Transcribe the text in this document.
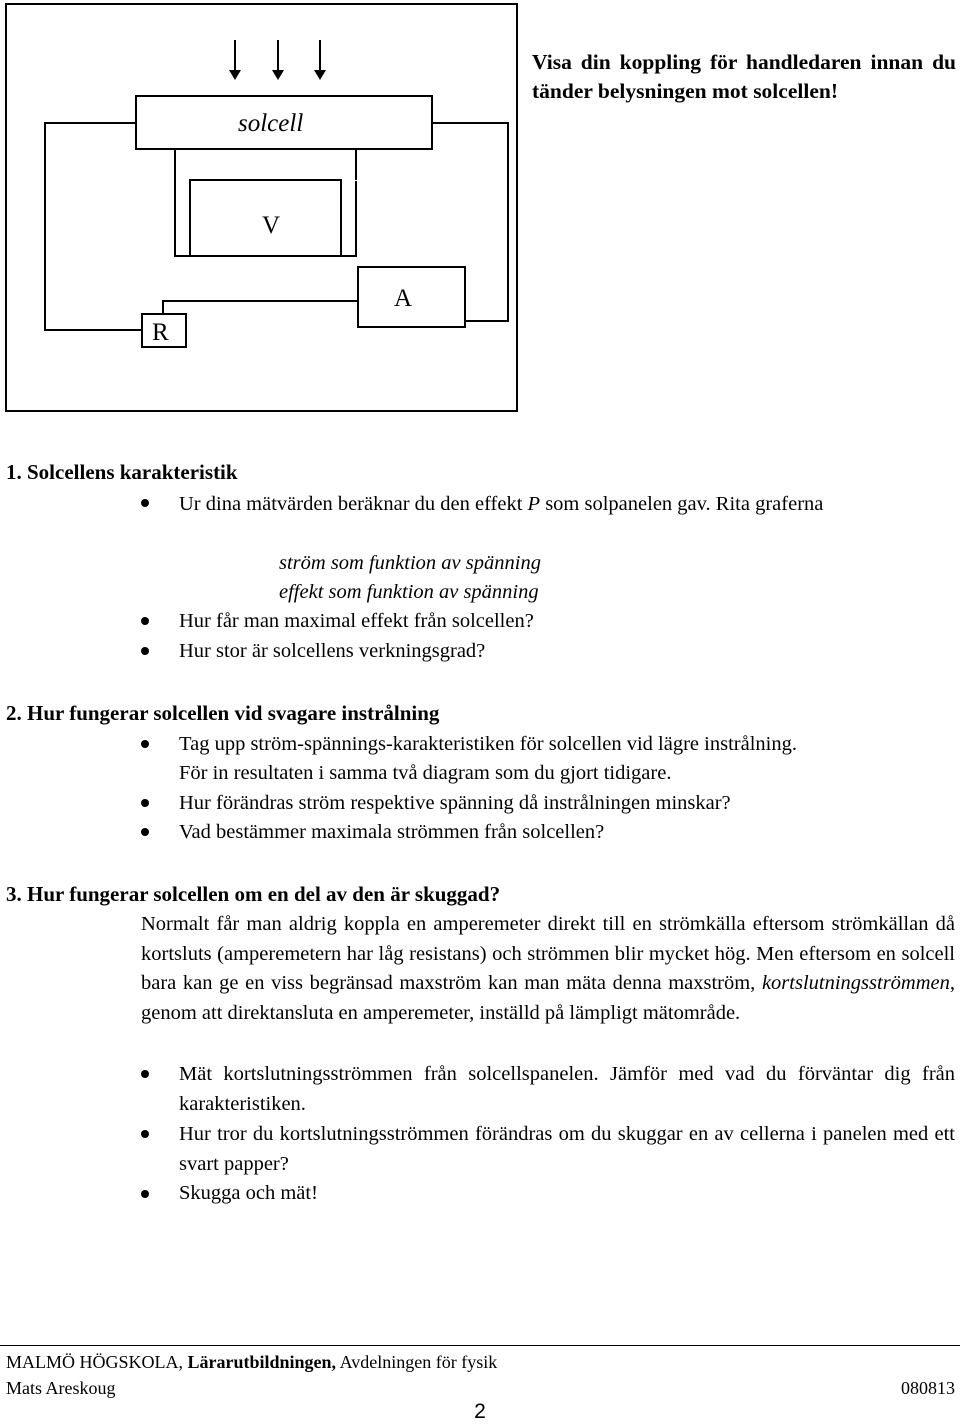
solcell
V
A
R

Visa din koppling för handledaren innan du tänder belysningen mot solcellen!

1. Solcellens karakteristik

Ur dina mätvärden beräknar du den effekt P som solpanelen gav. Rita graferna

ström som funktion av spänning

effekt som funktion av spänning

Hur får man maximal effekt från solcellen?

Hur stor är solcellens verkningsgrad?

2. Hur fungerar solcellen vid svagare instrålning

Tag upp ström-spännings-karakteristiken för solcellen vid lägre instrålning.

För in resultaten i samma två diagram som du gjort tidigare.

Hur förändras ström respektive spänning då instrålningen minskar?

Vad bestämmer maximala strömmen från solcellen?

3. Hur fungerar solcellen om en del av den är skuggad?

Normalt får man aldrig koppla en amperemeter direkt till en strömkälla eftersom strömkällan då kortsluts (amperemetern har låg resistans) och strömmen blir mycket hög. Men eftersom en solcell bara kan ge en viss begränsad maxström kan man mäta denna maxström, kortslutningsströmmen, genom att direktansluta en amperemeter, inställd på lämpligt mätområde.

Mät kortslutningsströmmen från solcellspanelen. Jämför med vad du förväntar dig från karakteristiken.

Hur tror du kortslutningsströmmen förändras om du skuggar en av cellerna i panelen med ett svart papper?

Skugga och mät!

MALMÖ HÖGSKOLA, Lärarutbildningen, Avdelningen för fysik

Mats Areskoug	080813

2
